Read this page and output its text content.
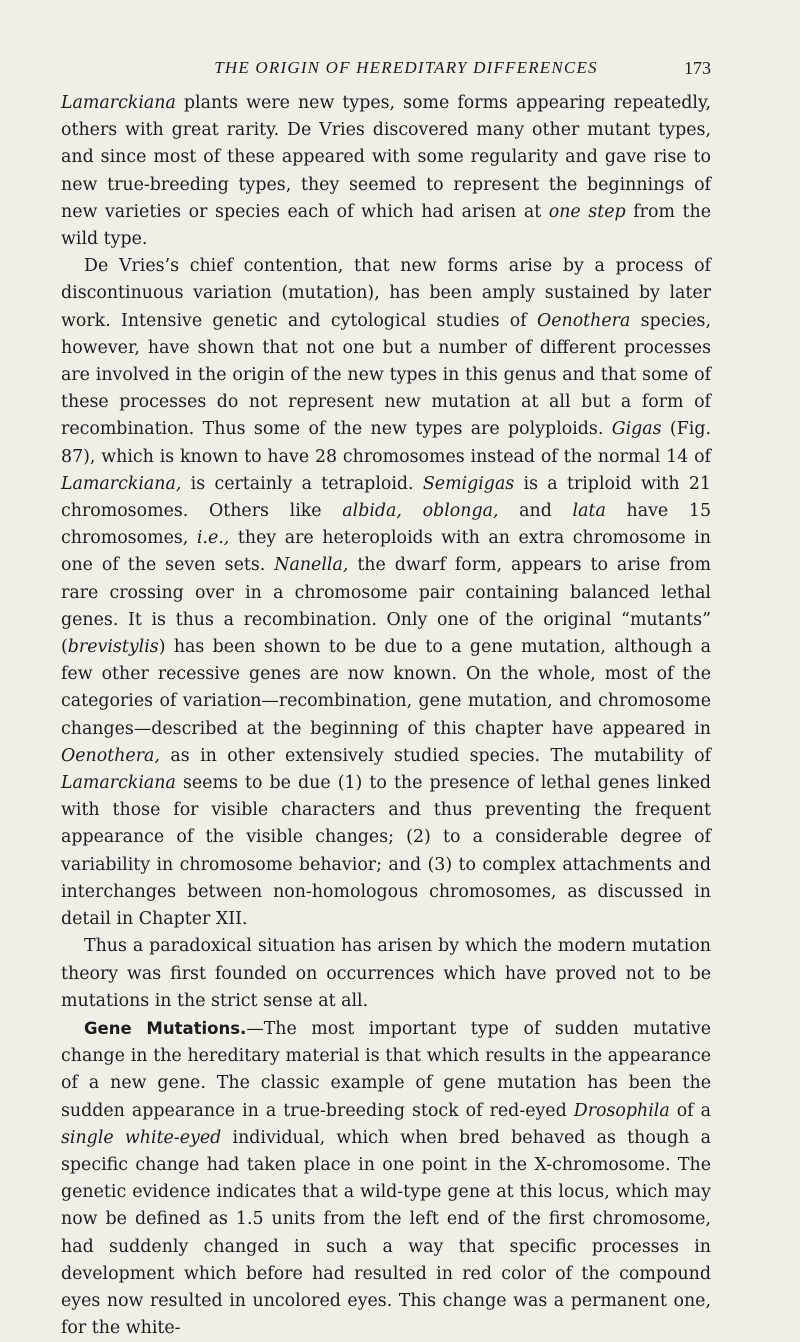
THE ORIGIN OF HEREDITARY DIFFERENCES	173

Lamarckiana plants were new types, some forms appearing repeatedly, others with great rarity. De Vries discovered many other mutant types, and since most of these appeared with some regularity and gave rise to new true-breeding types, they seemed to represent the beginnings of new varieties or species each of which had arisen at one step from the wild type.

De Vries’s chief contention, that new forms arise by a process of discontinuous variation (mutation), has been amply sustained by later work. Intensive genetic and cytological studies of Oenothera species, however, have shown that not one but a number of different processes are involved in the origin of the new types in this genus and that some of these processes do not represent new mutation at all but a form of recombination. Thus some of the new types are polyploids. Gigas (Fig. 87), which is known to have 28 chromosomes instead of the normal 14 of Lamarckiana, is certainly a tetraploid. Semigigas is a triploid with 21 chromosomes. Others like albida, oblonga, and lata have 15 chromosomes, i.e., they are heteroploids with an extra chromosome in one of the seven sets. Nanella, the dwarf form, appears to arise from rare crossing over in a chromosome pair containing balanced lethal genes. It is thus a recombination. Only one of the original “mutants” (brevistylis) has been shown to be due to a gene mutation, although a few other recessive genes are now known. On the whole, most of the categories of variation—recombination, gene mutation, and chromosome changes—described at the beginning of this chapter have appeared in Oenothera, as in other extensively studied species. The mutability of Lamarckiana seems to be due (1) to the presence of lethal genes linked with those for visible characters and thus preventing the frequent appearance of the visible changes; (2) to a considerable degree of variability in chromosome behavior; and (3) to complex attachments and interchanges between non-homologous chromosomes, as discussed in detail in Chapter XII.

Thus a paradoxical situation has arisen by which the modern mutation theory was first founded on occurrences which have proved not to be mutations in the strict sense at all.

Gene Mutations.—The most important type of sudden mutative change in the hereditary material is that which results in the appearance of a new gene. The classic example of gene mutation has been the sudden appearance in a true-breeding stock of red-eyed Drosophila of a single white-eyed individual, which when bred behaved as though a specific change had taken place in one point in the X-chromosome. The genetic evidence indicates that a wild-type gene at this locus, which may now be defined as 1.5 units from the left end of the first chromosome, had suddenly changed in such a way that specific processes in development which before had resulted in red color of the compound eyes now resulted in uncolored eyes. This change was a permanent one, for the white-
